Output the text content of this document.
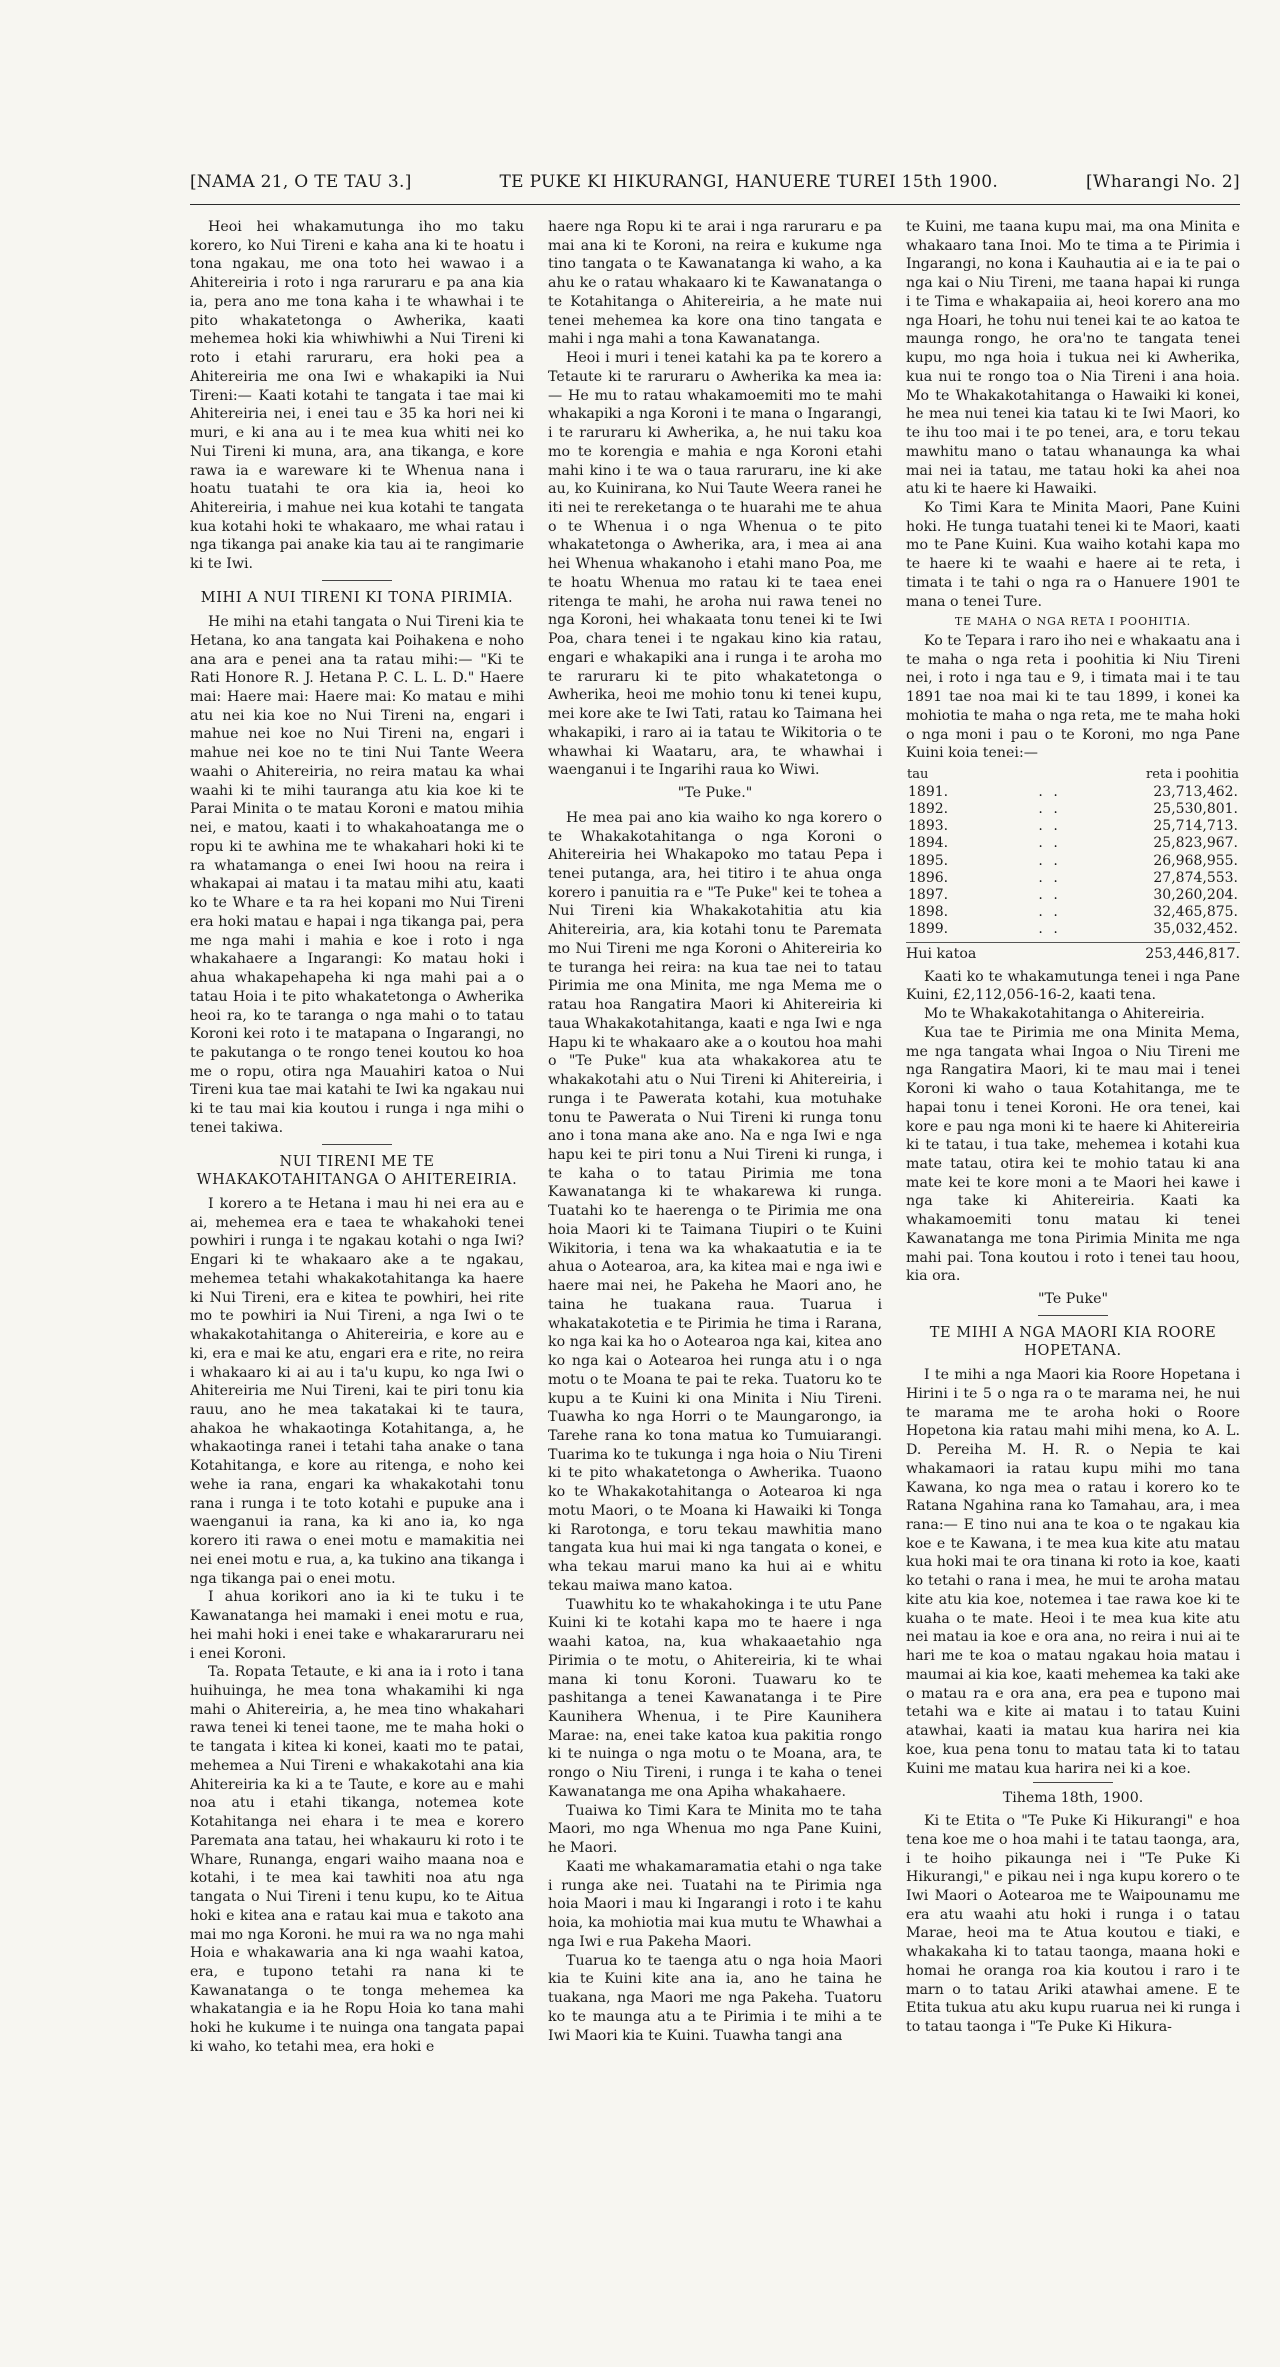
[NAMA 21, O TE TAU 3.]	TE PUKE KI HIKURANGI, HANUERE TUREI 15th 1900.	[Wharangi No. 2]

Heoi hei whakamutunga iho mo taku korero, ko Nui Tireni e kaha ana ki te hoatu i tona ngakau, me ona toto hei wawao i a Ahitereiria i roto i nga raruraru e pa ana kia ia, pera ano me tona kaha i te whawhai i te pito whakatetonga o Awherika, kaati mehemea hoki kia whiwhiwhi a Nui Tireni ki roto i etahi raruraru, era hoki pea a Ahitereiria me ona Iwi e whakapiki ia Nui Tireni:— Kaati kotahi te tangata i tae mai ki Ahitereiria nei, i enei tau e 35 ka hori nei ki muri, e ki ana au i te mea kua whiti nei ko Nui Tireni ki muna, ara, ana tikanga, e kore rawa ia e wareware ki te Whenua nana i hoatu tuatahi te ora kia ia, heoi ko Ahitereiria, i mahue nei kua kotahi te tangata kua kotahi hoki te whakaaro, me whai ratau i nga tikanga pai anake kia tau ai te rangimarie ki te Iwi.

MIHI A NUI TIRENI KI TONA PIRIMIA.

He mihi na etahi tangata o Nui Tireni kia te Hetana, ko ana tangata kai Poihakena e noho ana ara e penei ana ta ratau mihi:— "Ki te Rati Honore R. J. Hetana P. C. L. L. D." Haere mai: Haere mai: Haere mai: Ko matau e mihi atu nei kia koe no Nui Tireni na, engari i mahue nei koe no Nui Tireni na, engari i mahue nei koe no te tini Nui Tante Weera waahi o Ahitereiria, no reira matau ka whai waahi ki te mihi tauranga atu kia koe ki te Parai Minita o te matau Koroni e matou mihia nei, e matou, kaati i to whakahoatanga me o ropu ki te awhina me te whakahari hoki ki te ra whatamanga o enei Iwi hoou na reira i whakapai ai matau i ta matau mihi atu, kaati ko te Whare e ta ra hei kopani mo Nui Tireni era hoki matau e hapai i nga tikanga pai, pera me nga mahi i mahia e koe i roto i nga whakahaere a Ingarangi: Ko matau hoki i ahua whakapehapeha ki nga mahi pai a o tatau Hoia i te pito whakatetonga o Awherika heoi ra, ko te taranga o nga mahi o to tatau Koroni kei roto i te matapana o Ingarangi, no te pakutanga o te rongo tenei koutou ko hoa me o ropu, otira nga Mauahiri katoa o Nui Tireni kua tae mai katahi te Iwi ka ngakau nui ki te tau mai kia koutou i runga i nga mihi o tenei takiwa.

NUI TIRENI ME TE WHAKAKOTAHITANGA O AHITEREIRIA.

I korero a te Hetana i mau hi nei era au e ai, mehemea era e taea te whakahoki tenei powhiri i runga i te ngakau kotahi o nga Iwi? Engari ki te whakaaro ake a te ngakau, mehemea tetahi whakakotahitanga ka haere ki Nui Tireni, era e kitea te powhiri, hei rite mo te powhiri ia Nui Tireni, a nga Iwi o te whakakotahitanga o Ahitereiria, e kore au e ki, era e mai ke atu, engari era e rite, no reira i whakaaro ki ai au i ta'u kupu, ko nga Iwi o Ahitereiria me Nui Tireni, kai te piri tonu kia rauu, ano he mea takatakai ki te taura, ahakoa he whakaotinga Kotahitanga, a, he whakaotinga ranei i tetahi taha anake o tana Kotahitanga, e kore au ritenga, e noho kei wehe ia rana, engari ka whakakotahi tonu rana i runga i te toto kotahi e pupuke ana i waenganui ia rana, ka ki ano ia, ko nga korero iti rawa o enei motu e mamakitia nei nei enei motu e rua, a, ka tukino ana tikanga i nga tikanga pai o enei motu.

I ahua korikori ano ia ki te tuku i te Kawanatanga hei mamaki i enei motu e rua, hei mahi hoki i enei take e whakararuraru nei i enei Koroni.

Ta. Ropata Tetaute, e ki ana ia i roto i tana huihuinga, he mea tona whakamihi ki nga mahi o Ahitereiria, a, he mea tino whakahari rawa tenei ki tenei taone, me te maha hoki o te tangata i kitea ki konei, kaati mo te patai, mehemea a Nui Tireni e whakakotahi ana kia Ahitereiria ka ki a te Taute, e kore au e mahi noa atu i etahi tikanga, notemea kote Kotahitanga nei ehara i te mea e korero Paremata ana tatau, hei whakauru ki roto i te Whare, Runanga, engari waiho maana noa e kotahi, i te mea kai tawhiti noa atu nga tangata o Nui Tireni i tenu kupu, ko te Aitua hoki e kitea ana e ratau kai mua e takoto ana mai mo nga Koroni. he mui ra wa no nga mahi Hoia e whakawaria ana ki nga waahi katoa, era, e tupono tetahi ra nana ki te Kawanatanga o te tonga mehemea ka whakatangia e ia he Ropu Hoia ko tana mahi hoki he kukume i te nuinga ona tangata papai ki waho, ko tetahi mea, era hoki e

haere nga Ropu ki te arai i nga raruraru e pa mai ana ki te Koroni, na reira e kukume nga tino tangata o te Kawanatanga ki waho, a ka ahu ke o ratau whakaaro ki te Kawanatanga o te Kotahitanga o Ahitereiria, a he mate nui tenei mehemea ka kore ona tino tangata e mahi i nga mahi a tona Kawanatanga.

Heoi i muri i tenei katahi ka pa te korero a Tetaute ki te raruraru o Awherika ka mea ia:— He mu to ratau whakamoemiti mo te mahi whakapiki a nga Koroni i te mana o Ingarangi, i te raruraru ki Awherika, a, he nui taku koa mo te korengia e mahia e nga Koroni etahi mahi kino i te wa o taua raruraru, ine ki ake au, ko Kuinirana, ko Nui Taute Weera ranei he iti nei te rereketanga o te huarahi me te ahua o te Whenua i o nga Whenua o te pito whakatetonga o Awherika, ara, i mea ai ana hei Whenua whakanoho i etahi mano Poa, me te hoatu Whenua mo ratau ki te taea enei ritenga te mahi, he aroha nui rawa tenei no nga Koroni, hei whakaata tonu tenei ki te Iwi Poa, chara tenei i te ngakau kino kia ratau, engari e whakapiki ana i runga i te aroha mo te raruraru ki te pito whakatetonga o Awherika, heoi me mohio tonu ki tenei kupu, mei kore ake te Iwi Tati, ratau ko Taimana hei whakapiki, i raro ai ia tatau te Wikitoria o te whawhai ki Waataru, ara, te whawhai i waenganui i te Ingarihi raua ko Wiwi.

"Te Puke."

He mea pai ano kia waiho ko nga korero o te Whakakotahitanga o nga Koroni o Ahitereiria hei Whakapoko mo tatau Pepa i tenei putanga, ara, hei titiro i te ahua onga korero i panuitia ra e "Te Puke" kei te tohea a Nui Tireni kia Whakakotahitia atu kia Ahitereiria, ara, kia kotahi tonu te Paremata mo Nui Tireni me nga Koroni o Ahitereiria ko te turanga hei reira: na kua tae nei to tatau Pirimia me ona Minita, me nga Mema me o ratau hoa Rangatira Maori ki Ahitereiria ki taua Whakakotahitanga, kaati e nga Iwi e nga Hapu ki te whakaaro ake a o koutou hoa mahi o "Te Puke" kua ata whakakorea atu te whakakotahi atu o Nui Tireni ki Ahitereiria, i runga i te Pawerata kotahi, kua motuhake tonu te Pawerata o Nui Tireni ki runga tonu ano i tona mana ake ano. Na e nga Iwi e nga hapu kei te piri tonu a Nui Tireni ki runga, i te kaha o to tatau Pirimia me tona Kawanatanga ki te whakarewa ki runga. Tuatahi ko te haerenga o te Pirimia me ona hoia Maori ki te Taimana Tiupiri o te Kuini Wikitoria, i tena wa ka whakaatutia e ia te ahua o Aotearoa, ara, ka kitea mai e nga iwi e haere mai nei, he Pakeha he Maori ano, he taina he tuakana raua. Tuarua i whakatakotetia e te Pirimia he tima i Rarana, ko nga kai ka ho o Aotearoa nga kai, kitea ano ko nga kai o Aotearoa hei runga atu i o nga motu o te Moana te pai te reka. Tuatoru ko te kupu a te Kuini ki ona Minita i Niu Tireni. Tuawha ko nga Horri o te Maungarongo, ia Tarehe rana ko tona matua ko Tumuiarangi. Tuarima ko te tukunga i nga hoia o Niu Tireni ki te pito whakatetonga o Awherika. Tuaono ko te Whakakotahitanga o Aotearoa ki nga motu Maori, o te Moana ki Hawaiki ki Tonga ki Rarotonga, e toru tekau mawhitia mano tangata kua hui mai ki nga tangata o konei, e wha tekau marui mano ka hui ai e whitu tekau maiwa mano katoa.

Tuawhitu ko te whakahokinga i te utu Pane Kuini ki te kotahi kapa mo te haere i nga waahi katoa, na, kua whakaaetahio nga Pirimia o te motu, o Ahitereiria, ki te whai mana ki tonu Koroni. Tuawaru ko te pashitanga a tenei Kawanatanga i te Pire Kaunihera Whenua, i te Pire Kaunihera Marae: na, enei take katoa kua pakitia rongo ki te nuinga o nga motu o te Moana, ara, te rongo o Niu Tireni, i runga i te kaha o tenei Kawanatanga me ona Apiha whakahaere.

Tuaiwa ko Timi Kara te Minita mo te taha Maori, mo nga Whenua mo nga Pane Kuini, he Maori.

Kaati me whakamaramatia etahi o nga take i runga ake nei. Tuatahi na te Pirimia nga hoia Maori i mau ki Ingarangi i roto i te kahu hoia, ka mohiotia mai kua mutu te Whawhai a nga Iwi e rua Pakeha Maori.

Tuarua ko te taenga atu o nga hoia Maori kia te Kuini kite ana ia, ano he taina he tuakana, nga Maori me nga Pakeha. Tuatoru ko te maunga atu a te Pirimia i te mihi a te Iwi Maori kia te Kuini. Tuawha tangi ana

te Kuini, me taana kupu mai, ma ona Minita e whakaaro tana Inoi. Mo te tima a te Pirimia i Ingarangi, no kona i Kauhautia ai e ia te pai o nga kai o Niu Tireni, me taana hapai ki runga i te Tima e whakapaiia ai, heoi korero ana mo nga Hoari, he tohu nui tenei kai te ao katoa te maunga rongo, he ora'no te tangata tenei kupu, mo nga hoia i tukua nei ki Awherika, kua nui te rongo toa o Nia Tireni i ana hoia. Mo te Whakakotahitanga o Hawaiki ki konei, he mea nui tenei kia tatau ki te Iwi Maori, ko te ihu too mai i te po tenei, ara, e toru tekau mawhitu mano o tatau whanaunga ka whai mai nei ia tatau, me tatau hoki ka ahei noa atu ki te haere ki Hawaiki.

Ko Timi Kara te Minita Maori, Pane Kuini hoki. He tunga tuatahi tenei ki te Maori, kaati mo te Pane Kuini. Kua waiho kotahi kapa mo te haere ki te waahi e haere ai te reta, i timata i te tahi o nga ra o Hanuere 1901 te mana o tenei Ture.

TE MAHA O NGA RETA I POOHITIA.

Ko te Tepara i raro iho nei e whakaatu ana i te maha o nga reta i poohitia ki Niu Tireni nei, i roto i nga tau e 9, i timata mai i te tau 1891 tae noa mai ki te tau 1899, i konei ka mohiotia te maha o nga reta, me te maha hoki o nga moni i pau o te Koroni, mo nga Pane Kuini koia tenei:—

tau		reta i poohitia
1891.	. .	23,713,462.
1892.	. .	25,530,801.
1893.	. .	25,714,713.
1894.	. .	25,823,967.
1895.	. .	26,968,955.
1896.	. .	27,874,553.
1897.	. .	30,260,204.
1898.	. .	32,465,875.
1899.	. .	35,032,452.
Hui katoa	253,446,817.

Kaati ko te whakamutunga tenei i nga Pane Kuini, £2,112,056-16-2, kaati tena.

Mo te Whakakotahitanga o Ahitereiria.

Kua tae te Pirimia me ona Minita Mema, me nga tangata whai Ingoa o Niu Tireni me nga Rangatira Maori, ki te mau mai i tenei Koroni ki waho o taua Kotahitanga, me te hapai tonu i tenei Koroni. He ora tenei, kai kore e pau nga moni ki te haere ki Ahitereiria ki te tatau, i tua take, mehemea i kotahi kua mate tatau, otira kei te mohio tatau ki ana mate kei te kore moni a te Maori hei kawe i nga take ki Ahitereiria. Kaati ka whakamoemiti tonu matau ki tenei Kawanatanga me tona Pirimia Minita me nga mahi pai. Tona koutou i roto i tenei tau hoou, kia ora.

"Te Puke"
TE MIHI A NGA MAORI KIA ROORE HOPETANA.

I te mihi a nga Maori kia Roore Hopetana i Hirini i te 5 o nga ra o te marama nei, he nui te marama me te aroha hoki o Roore Hopetona kia ratau mahi mihi mena, ko A. L. D. Pereiha M. H. R. o Nepia te kai whakamaori ia ratau kupu mihi mo tana Kawana, ko nga mea o ratau i korero ko te Ratana Ngahina rana ko Tamahau, ara, i mea rana:— E tino nui ana te koa o te ngakau kia koe e te Kawana, i te mea kua kite atu matau kua hoki mai te ora tinana ki roto ia koe, kaati ko tetahi o rana i mea, he mui te aroha matau kite atu kia koe, notemea i tae rawa koe ki te kuaha o te mate. Heoi i te mea kua kite atu nei matau ia koe e ora ana, no reira i nui ai te hari me te koa o matau ngakau hoia matau i maumai ai kia koe, kaati mehemea ka taki ake o matau ra e ora ana, era pea e tupono mai tetahi wa e kite ai matau i to tatau Kuini atawhai, kaati ia matau kua harira nei kia koe, kua pena tonu to matau tata ki to tatau Kuini me matau kua harira nei ki a koe.

Tihema 18th, 1900.

Ki te Etita o "Te Puke Ki Hikurangi" e hoa tena koe me o hoa mahi i te tatau taonga, ara, i te hoiho pikaunga nei i "Te Puke Ki Hikurangi," e pikau nei i nga kupu korero o te Iwi Maori o Aotearoa me te Waipounamu me era atu waahi atu hoki i runga i o tatau Marae, heoi ma te Atua koutou e tiaki, e whakakaha ki to tatau taonga, maana hoki e homai he oranga roa kia koutou i raro i te marn o to tatau Ariki atawhai amene. E te Etita tukua atu aku kupu ruarua nei ki runga i to tatau taonga i "Te Puke Ki Hikura-
